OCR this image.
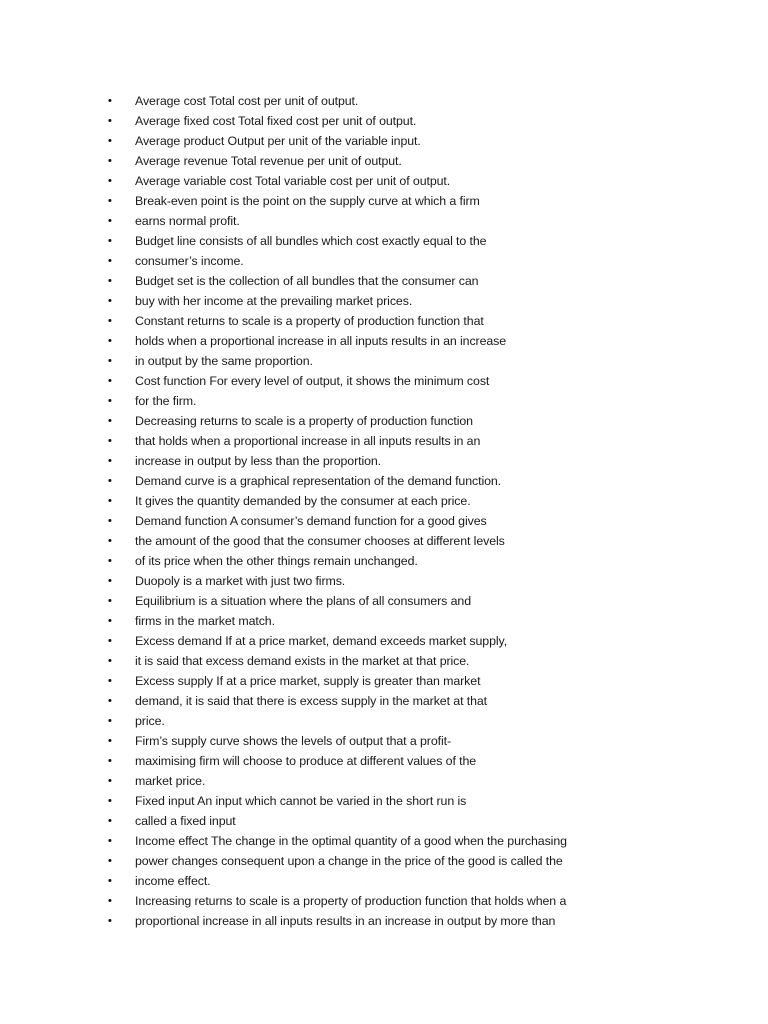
•	Average cost Total cost per unit of output.
•	Average fixed cost Total fixed cost per unit of output.
•	Average product Output per unit of the variable input.
•	Average revenue Total revenue per unit of output.
•	Average variable cost Total variable cost per unit of output.
•	Break-even point is the point on the supply curve at which a firm
•	earns normal profit.
•	Budget line consists of all bundles which cost exactly equal to the
•	consumer’s income.
•	Budget set is the collection of all bundles that the consumer can
•	buy with her income at the prevailing market prices.
•	Constant returns to scale is a property of production function that
•	holds when a proportional increase in all inputs results in an increase
•	in output by the same proportion.
•	Cost function For every level of output, it shows the minimum cost
•	for the firm.
•	Decreasing returns to scale is a property of production function
•	that holds when a proportional increase in all inputs results in an
•	increase in output by less than the proportion.
•	Demand curve is a graphical representation of the demand function.
•	It gives the quantity demanded by the consumer at each price.
•	Demand function A consumer’s demand function for a good gives
•	the amount of the good that the consumer chooses at different levels
•	of its price when the other things remain unchanged.
•	Duopoly is a market with just two firms.
•	Equilibrium is a situation where the plans of all consumers and
•	firms in the market match.
•	Excess demand If at a price market, demand exceeds market supply,
•	it is said that excess demand exists in the market at that price.
•	Excess supply If at a price market, supply is greater than market
•	demand, it is said that there is excess supply in the market at that
•	price.
•	Firm’s supply curve shows the levels of output that a profit-
•	maximising firm will choose to produce at different values of the
•	market price.
•	Fixed input An input which cannot be varied in the short run is
•	called a fixed input
•	Income effect The change in the optimal quantity of a good when the purchasing
•	power changes consequent upon a change in the price of the good is called the
•	income effect.
•	Increasing returns to scale is a property of production function that holds when a
•	proportional increase in all inputs results in an increase in output by more than
